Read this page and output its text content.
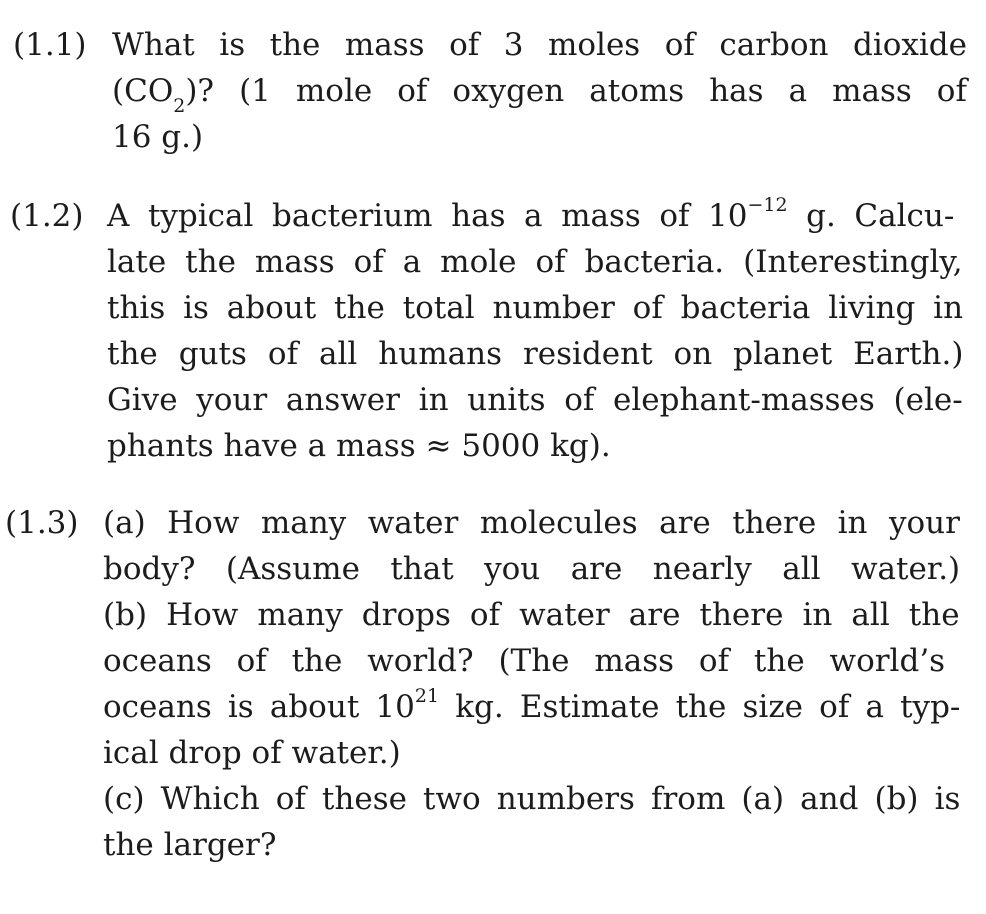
(1.1) What is the mass of 3 moles of carbon dioxide
$(CO_2)$? (1 mole of oxygen atoms has a mass of
16 g.)
(1.2) A typical bacterium has a mass of $10^{-12}$ g. Calcu-
late the mass of a mole of bacteria. (Interestingly,
this is about the total number of bacteria living in
the guts of all humans resident on planet Earth.)
Give your answer in units of elephant-masses (ele-
phants have a mass ≈ 5000 kg).
(1.3) (a) How many water molecules are there in your
body? (Assume that you are nearly all water.)
(b) How many drops of water are there in all the
oceans of the world? (The mass of the world’s
oceans is about $10^{21}$ kg. Estimate the size of a typ-
ical drop of water.)
(c) Which of these two numbers from (a) and (b) is
the larger?
